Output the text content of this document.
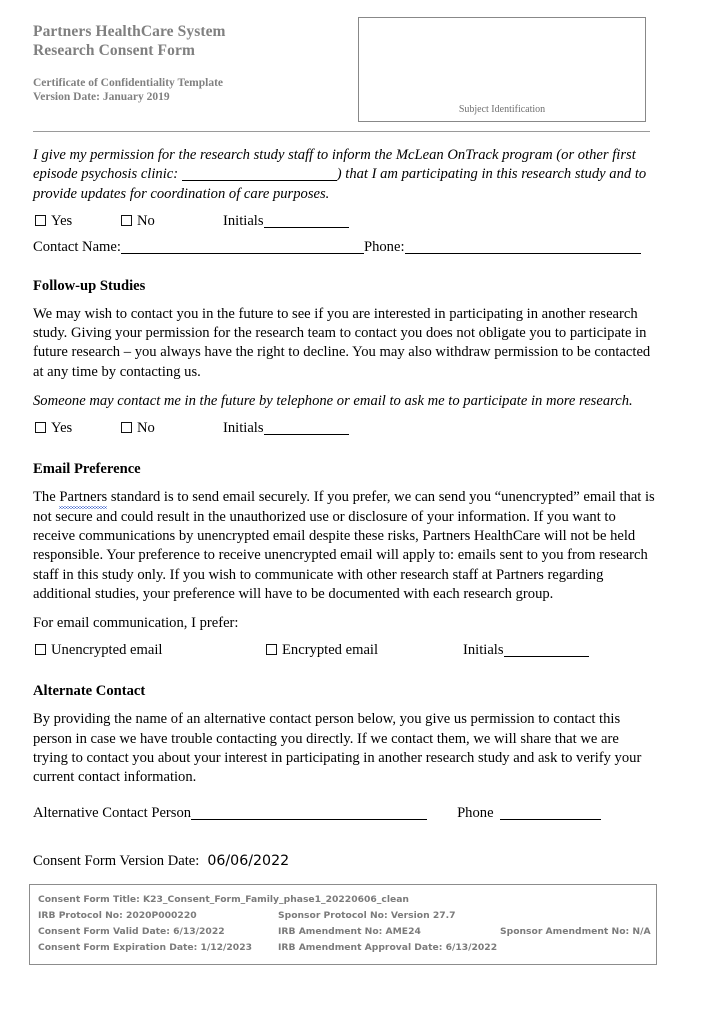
Partners HealthCare System
Research Consent Form
Certificate of Confidentiality Template
Version Date: January 2019
Subject Identification

I give my permission for the research study staff to inform the McLean OnTrack program (or other first episode psychosis clinic:	) that I am participating in this research study and to provide updates for coordination of care purposes.

Yes	No	Initials
Contact Name:	Phone:
Follow-up Studies

We may wish to contact you in the future to see if you are interested in participating in another research study. Giving your permission for the research team to contact you does not obligate you to participate in future research – you always have the right to decline. You may also withdraw permission to be contacted at any time by contacting us.

Someone may contact me in the future by telephone or email to ask me to participate in more research.

Yes	No	Initials
Email Preference

The Partners standard is to send email securely. If you prefer, we can send you “unencrypted” email that is not secure and could result in the unauthorized use or disclosure of your information. If you want to receive communications by unencrypted email despite these risks, Partners HealthCare will not be held responsible. Your preference to receive unencrypted email will apply to: emails sent to you from research staff in this study only. If you wish to communicate with other research staff at Partners regarding additional studies, your preference will have to be documented with each research group.

For email communication, I prefer:

Unencrypted email	Encrypted email	Initials
Alternate Contact

By providing the name of an alternative contact person below, you give us permission to contact this person in case we have trouble contacting you directly. If we contact them, we will share that we are trying to contact you about your interest in participating in another research study and ask to verify your current contact information.

Alternative Contact Person	Phone
Consent Form Version Date: 06/06/2022
Consent Form Title: K23_Consent_Form_Family_phase1_20220606_clean
IRB Protocol No: 2020P000220	Sponsor Protocol No: Version 27.7
Consent Form Valid Date: 6/13/2022	IRB Amendment No: AME24	Sponsor Amendment No: N/A
Consent Form Expiration Date: 1/12/2023	IRB Amendment Approval Date: 6/13/2022
